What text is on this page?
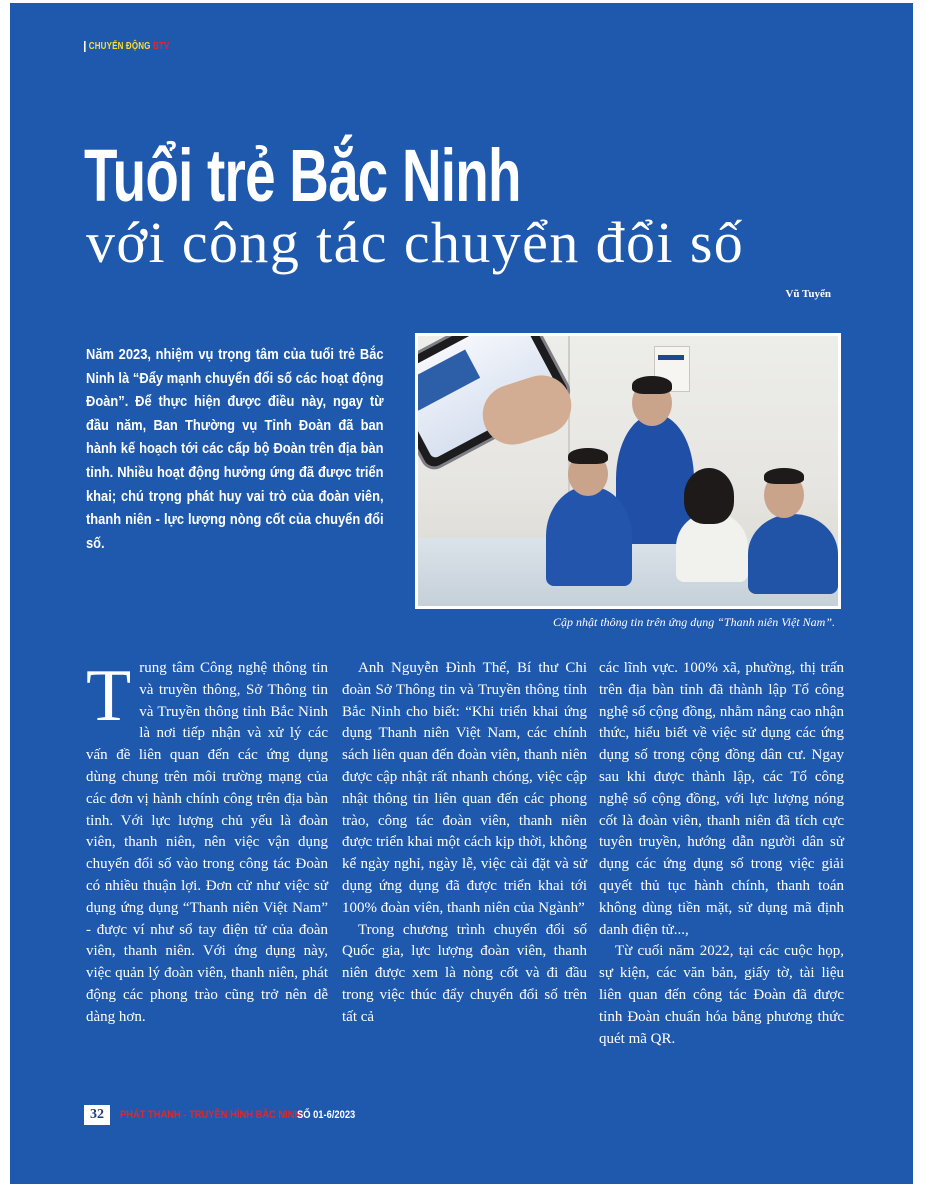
CHUYỂN ĐỘNG BTV
Tuổi trẻ Bắc Ninh
với công tác chuyển đổi số
Vũ Tuyển

Năm 2023, nhiệm vụ trọng tâm của tuổi trẻ Bắc Ninh là “Đẩy mạnh chuyển đổi số các hoạt động Đoàn”. Để thực hiện được điều này, ngay từ đầu năm, Ban Thường vụ Tỉnh Đoàn đã ban hành kế hoạch tới các cấp bộ Đoàn trên địa bàn tỉnh. Nhiều hoạt động hưởng ứng đã được triển khai; chú trọng phát huy vai trò của đoàn viên, thanh niên - lực lượng nòng cốt của chuyển đổi số.

Cập nhật thông tin trên ứng dụng “Thanh niên Việt Nam”.

Trung tâm Công nghệ thông tin và truyền thông, Sở Thông tin và Truyền thông tỉnh Bắc Ninh là nơi tiếp nhận và xử lý các vấn đề liên quan đến các ứng dụng dùng chung trên môi trường mạng của các đơn vị hành chính công trên địa bàn tỉnh. Với lực lượng chủ yếu là đoàn viên, thanh niên, nên việc vận dụng chuyển đổi số vào trong công tác Đoàn có nhiều thuận lợi. Đơn cử như việc sử dụng ứng dụng “Thanh niên Việt Nam” - được ví như sổ tay điện tử của đoàn viên, thanh niên. Với ứng dụng này, việc quản lý đoàn viên, thanh niên, phát động các phong trào cũng trở nên dễ dàng hơn.

Anh Nguyễn Đình Thế, Bí thư Chi đoàn Sở Thông tin và Truyền thông tỉnh Bắc Ninh cho biết: “Khi triển khai ứng dụng Thanh niên Việt Nam, các chính sách liên quan đến đoàn viên, thanh niên được cập nhật rất nhanh chóng, việc cập nhật thông tin liên quan đến các phong trào, công tác đoàn viên, thanh niên được triển khai một cách kịp thời, không kể ngày nghỉ, ngày lễ, việc cài đặt và sử dụng ứng dụng đã được triển khai tới 100% đoàn viên, thanh niên của Ngành”

Trong chương trình chuyển đổi số Quốc gia, lực lượng đoàn viên, thanh niên được xem là nòng cốt và đi đầu trong việc thúc đẩy chuyển đổi số trên tất cả

các lĩnh vực. 100% xã, phường, thị trấn trên địa bàn tỉnh đã thành lập Tổ công nghệ số cộng đồng, nhằm nâng cao nhận thức, hiểu biết về việc sử dụng các ứng dụng số trong cộng đồng dân cư. Ngay sau khi được thành lập, các Tổ công nghệ số cộng đồng, với lực lượng nóng cốt là đoàn viên, thanh niên đã tích cực tuyên truyền, hướng dẫn người dân sử dụng các ứng dụng số trong việc giải quyết thủ tục hành chính, thanh toán không dùng tiền mặt, sử dụng mã định danh điện tử...,

Từ cuối năm 2022, tại các cuộc họp, sự kiện, các văn bản, giấy tờ, tài liệu liên quan đến công tác Đoàn đã được tỉnh Đoàn chuẩn hóa bằng phương thức quét mã QR.

32	PHÁT THANH - TRUYỀN HÌNH BẮC NINH
SỐ 01-6/2023
